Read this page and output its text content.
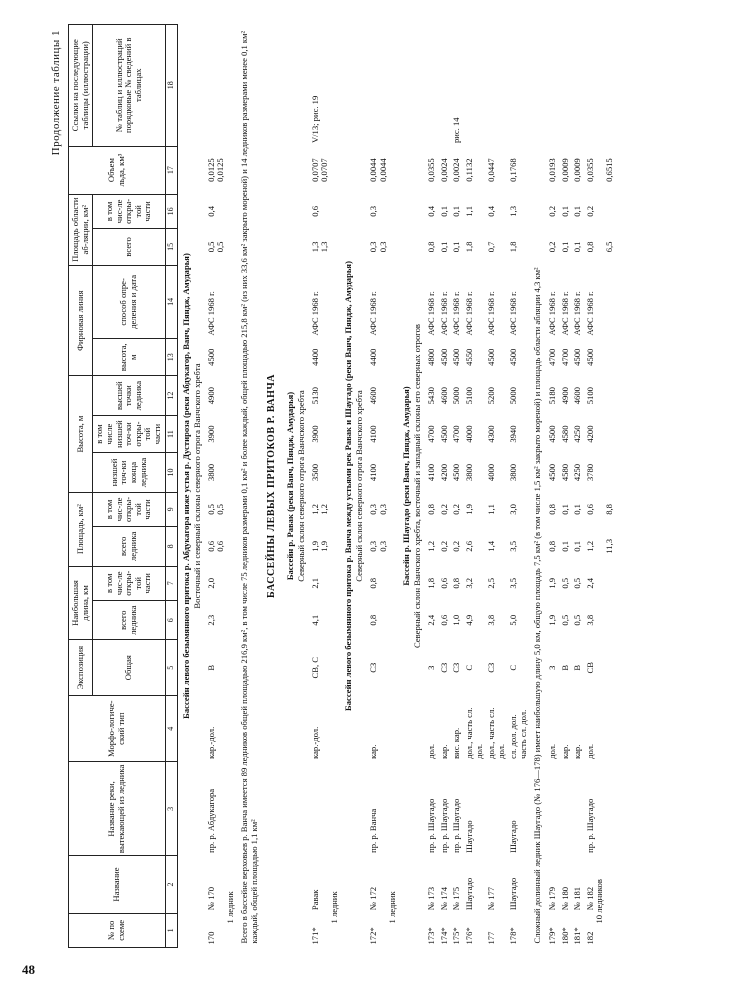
48
Продолжение таблицы 1
№ по схеме	Название	Название реки, вытекающей из ледника	Морфо-логиче-ский тип	Экспозиция	Наибольшая длина, км		Площадь, км²		Высота, м			Фирновая линия		Площадь области аб-ляции, км²		Объем льда, км³	Ссылки на последующие таблицы (иллюстрации)
				Общая	всего ледника	в том чис-ле откры-той части	всего ледника	в том чис-ле откры-той части	низшей точ-ки конца ледника	в том числе низшей точ-ки откры-той части	высшей точки ледника	высота, м	способ опре-деления и дата	всего	в том чис-ле откры-той части		№ таблиц и иллюстраций порядковые № сведений в таблицах
1	2	3	4	5	6	7	8	9	10	11	12	13	14	15	16	17	18
Бассейн левого безымянного притока р. Абдукагора ниже устья р. Дустироза (реки Абдукагор, Ванч, Пяндж, Амударья)																	
Восточный и северный склоны северного отрога Ванчского хребта																	
170	№ 170	пр. р. Абдукагора	кар.-дол.	В	2,3	2,0	0,6	0,5	3800	3900	4900	4500	АФС 1968 г.	0,5	0,4	0,0125	
							0,6	0,5						0,5		0,0125	
1 ледник																	
Всего в бассейне верховьев р. Ванча имеется 89 ледников общей площадью 216,9 км², в том числе 75 ледников размерами 0,1 км² и более каждый, общей площадью 215,8 км² (из них 33,6 км² закрыто мореной) и 14 ледников размерами менее 0,1 км² каждый, общей площадью 1,1 км²																	
БАССЕЙНЫ ЛЕВЫХ ПРИТОКОВ Р. ВАНЧА																	
Бассейн р. Равак (реки Ванч, Пяндж, Амударья)																	
Северный склон северного отрога Ванчского хребта																	
171*	Равак		кар.-дол.	СВ, С	4,1	2,1	1,9	1,2	3500	3900	5130	4400	АФС 1968 г.	1,3	0,6	0,0707	V/13; рис. 19
							1,9	1,2						1,3		0,0707	
1 ледник																	
Бассейн левого безымянного притока р. Ванча между устьями рек Равак и Шаугадо (реки Ванч, Пяндж, Амударья)																	
Северный склон северного отрога Ванчского хребта																	
172*	№ 172	пр. р. Ванча	кар.	СЗ	0,8	0,8	0,3	0,3	4100	4100	4600	4400	АФС 1968 г.	0,3	0,3	0,0044	
							0,3	0,3						0,3		0,0044	
1 ледник																	
Бассейн р. Шаугадо (реки Ванч, Пяндж, Амударья)																	
Северный склон Ванчского хребта, восточный и западный склоны его северных отрогов																	
173*	№ 173	пр. р. Шаугадо	дол.	З	2,4	1,8	1,2	0,8	4100	4700	5430	4800	АФС 1968 г.	0,8	0,4	0,0355	
174*	№ 174	пр. р. Шаугадо	кар.	СЗ	0,6	0,6	0,2	0,2	4200	4500	4600	4500	АФС 1968 г.	0,1	0,1	0,0024	
175*	№ 175	пр. р. Шаугадо	вис. кар.	СЗ	1,0	0,8	0,2	0,2	4500	4700	5000	4500	АФС 1968 г.	0,1	0,1	0,0024	рис. 14
176*	Шаугадо	Шаугадо	дол., часть сл. дол.	С	4,9	3,2	2,6	1,9	3800	4000	5100	4550	АФС 1968 г.	1,8	1,1	0,1132	
177	№ 177		дол., часть сл. дол.	СЗ	3,8	2,5	1,4	1,1	4000	4300	5200	4500	АФС 1968 г.	0,7	0,4	0,0447	
178*	Шаугадо	Шаугадо	сл. дол. дол. часть сл. дол.	С	5,0	3,5	3,5	3,0	3800	3940	5000	4500	АФС 1968 г.	1,8	1,3	0,1768	
Сложный долинный ледник Шаугадо (№ 176—178) имеет наибольшую длину 5,0 км, общую площадь 7,5 км² (в том числе 1,5 км² закрыто мореной) и площадь области абляции 4,3 км²																	
179*	№ 179		дол.	З	1,9	1,9	0,8	0,8	4500	4500	5180	4700	АФС 1968 г.	0,2	0,2	0,0193	
180*	№ 180		кар.	В	0,5	0,5	0,1	0,1	4580	4580	4900	4700	АФС 1968 г.	0,1	0,1	0,0009	
181*	№ 181		кар.	В	0,5	0,5	0,1	0,1	4250	4250	4600	4500	АФС 1968 г.	0,1	0,1	0,0009	
182	№ 182	пр. р. Шаугадо	дол.	СВ	3,8	2,4	1,2	0,6	3780	4200	5100	4500	АФС 1968 г.	0,8	0,2	0,0355	
10 ледников																	
							11,3	8,8						6,5		0,6515	
